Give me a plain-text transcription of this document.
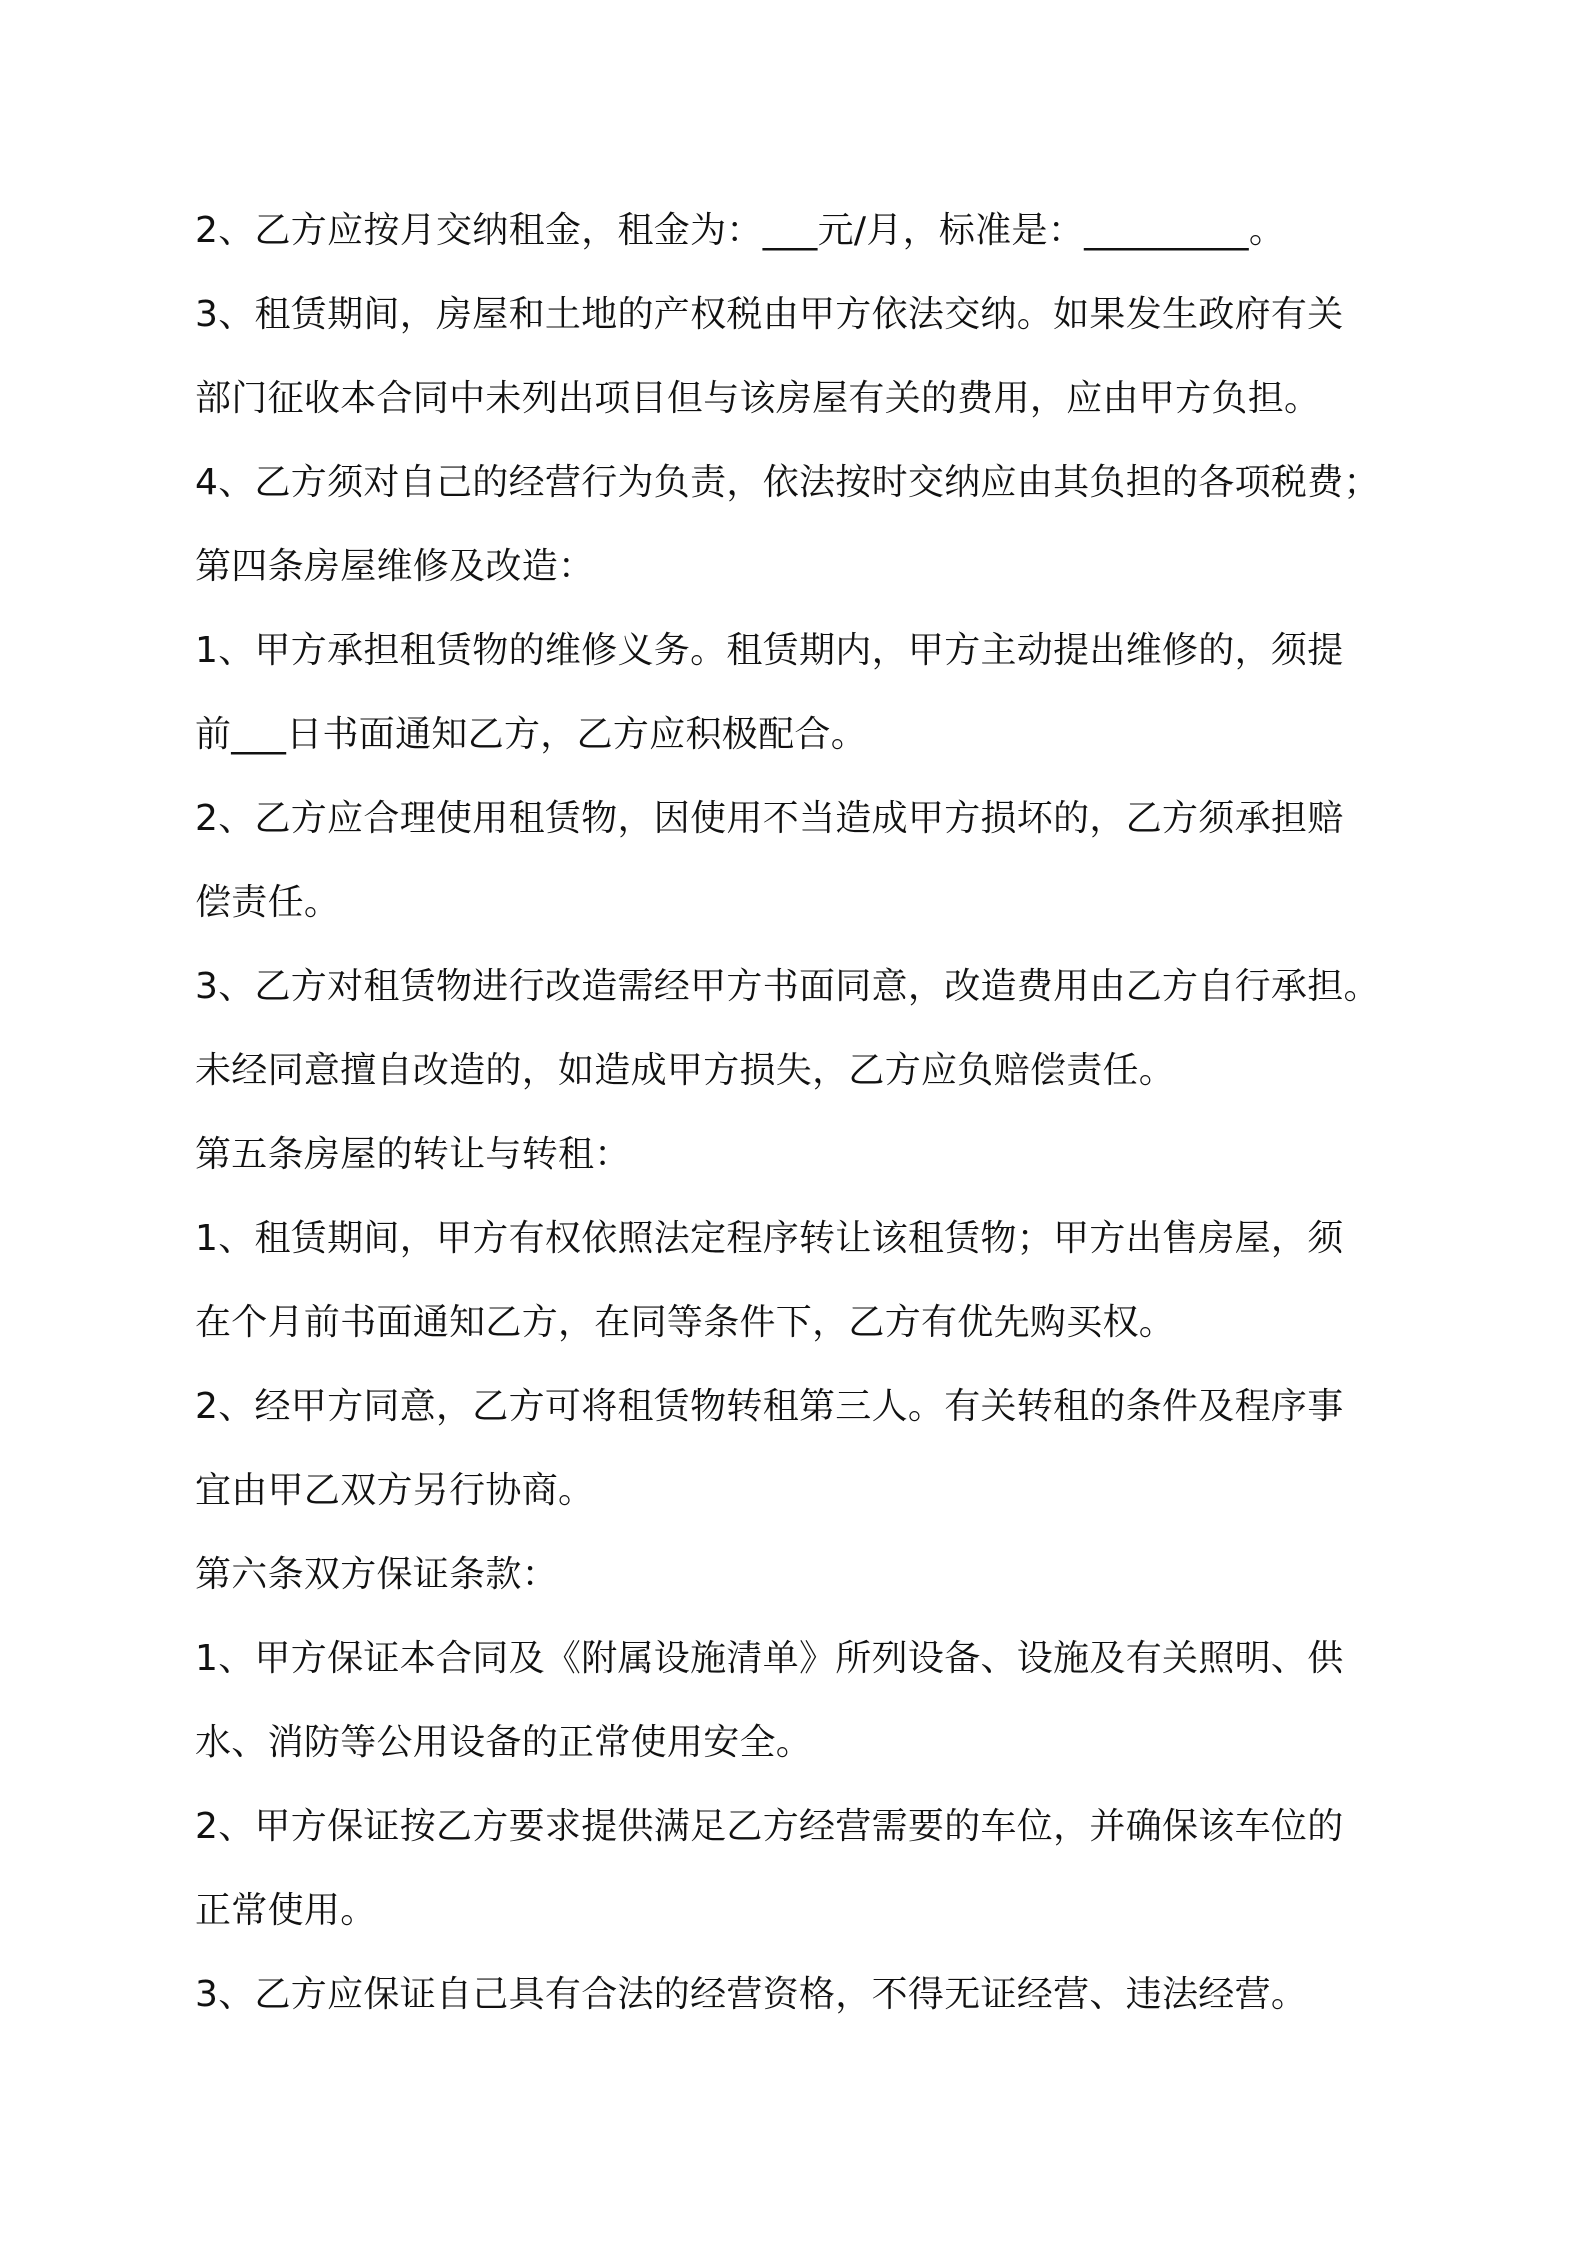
2、乙方应按月交纳租金，租金为：___元/月，标准是：_________。
3、租赁期间，房屋和土地的产权税由甲方依法交纳。如果发生政府有关
部门征收本合同中未列出项目但与该房屋有关的费用，应由甲方负担。
4、乙方须对自己的经营行为负责，依法按时交纳应由其负担的各项税费；
第四条房屋维修及改造：
1、甲方承担租赁物的维修义务。租赁期内，甲方主动提出维修的，须提
前___日书面通知乙方，乙方应积极配合。
2、乙方应合理使用租赁物，因使用不当造成甲方损坏的，乙方须承担赔
偿责任。
3、乙方对租赁物进行改造需经甲方书面同意，改造费用由乙方自行承担。
未经同意擅自改造的，如造成甲方损失，乙方应负赔偿责任。
第五条房屋的转让与转租：
1、租赁期间，甲方有权依照法定程序转让该租赁物；甲方出售房屋，须
在个月前书面通知乙方，在同等条件下，乙方有优先购买权。
2、经甲方同意，乙方可将租赁物转租第三人。有关转租的条件及程序事
宜由甲乙双方另行协商。
第六条双方保证条款：
1、甲方保证本合同及《附属设施清单》所列设备、设施及有关照明、供
水、消防等公用设备的正常使用安全。
2、甲方保证按乙方要求提供满足乙方经营需要的车位，并确保该车位的
正常使用。
3、乙方应保证自己具有合法的经营资格，不得无证经营、违法经营。
